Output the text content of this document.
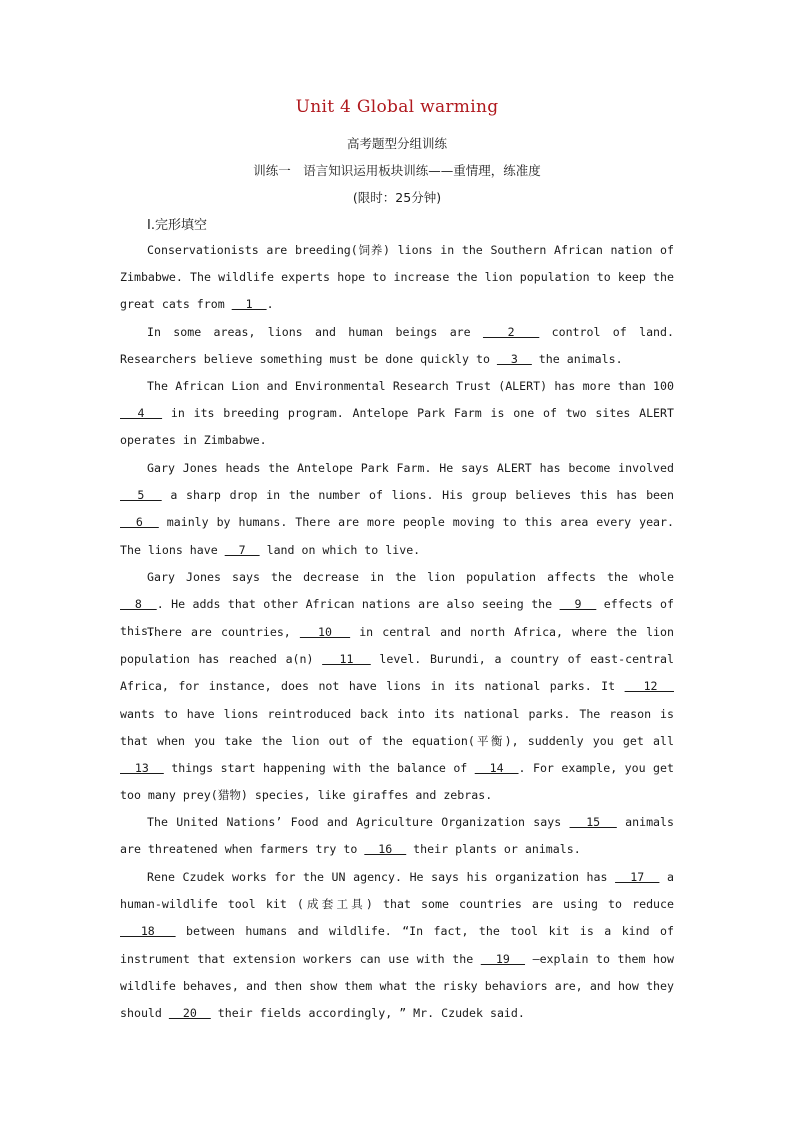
Unit 4 Global warming
高考题型分组训练
训练一　语言知识运用板块训练——重情理，练准度
(限时：25分钟)
Ⅰ.完形填空
Conservationists are breeding(饲养) lions in the Southern African nation of Zimbabwe. The wildlife experts hope to increase the lion population to keep the great cats from   1  .
In some areas, lions and human beings are   2   control of land. Researchers believe something must be done quickly to   3   the animals.
The African Lion and Environmental Research Trust (ALERT) has more than 100   4   in its breeding program. Antelope Park Farm is one of two sites ALERT operates in Zimbabwe.
Gary Jones heads the Antelope Park Farm. He says ALERT has become involved   5   a sharp drop in the number of lions. His group believes this has been   6   mainly by humans. There are more people moving to this area every year. The lions have   7   land on which to live.
Gary Jones says the decrease in the lion population affects the whole   8  . He adds that other African nations are also seeing the   9   effects of this.
There are countries,   10   in central and north Africa, where the lion population has reached a(n)   11   level. Burundi, a country of east-central Africa, for instance, does not have lions in its national parks. It   12   wants to have lions reintroduced back into its national parks. The reason is that when you take the lion out of the equation(平衡), suddenly you get all   13   things start happening with the balance of   14  . For example, you get too many prey(猎物) species, like giraffes and zebras.
The United Nations’ Food and Agriculture Organization says   15   animals are threatened when farmers try to   16   their plants or animals.
Rene Czudek works for the UN agency. He says his organization has   17   a human-wildlife tool kit (成套工具) that some countries are using to reduce   18   between humans and wildlife. “In fact, the tool kit is a kind of instrument that extension workers can use with the   19   —explain to them how wildlife behaves, and then show them what the risky behaviors are, and how they should   20   their fields accordingly, ” Mr. Czudek said.
